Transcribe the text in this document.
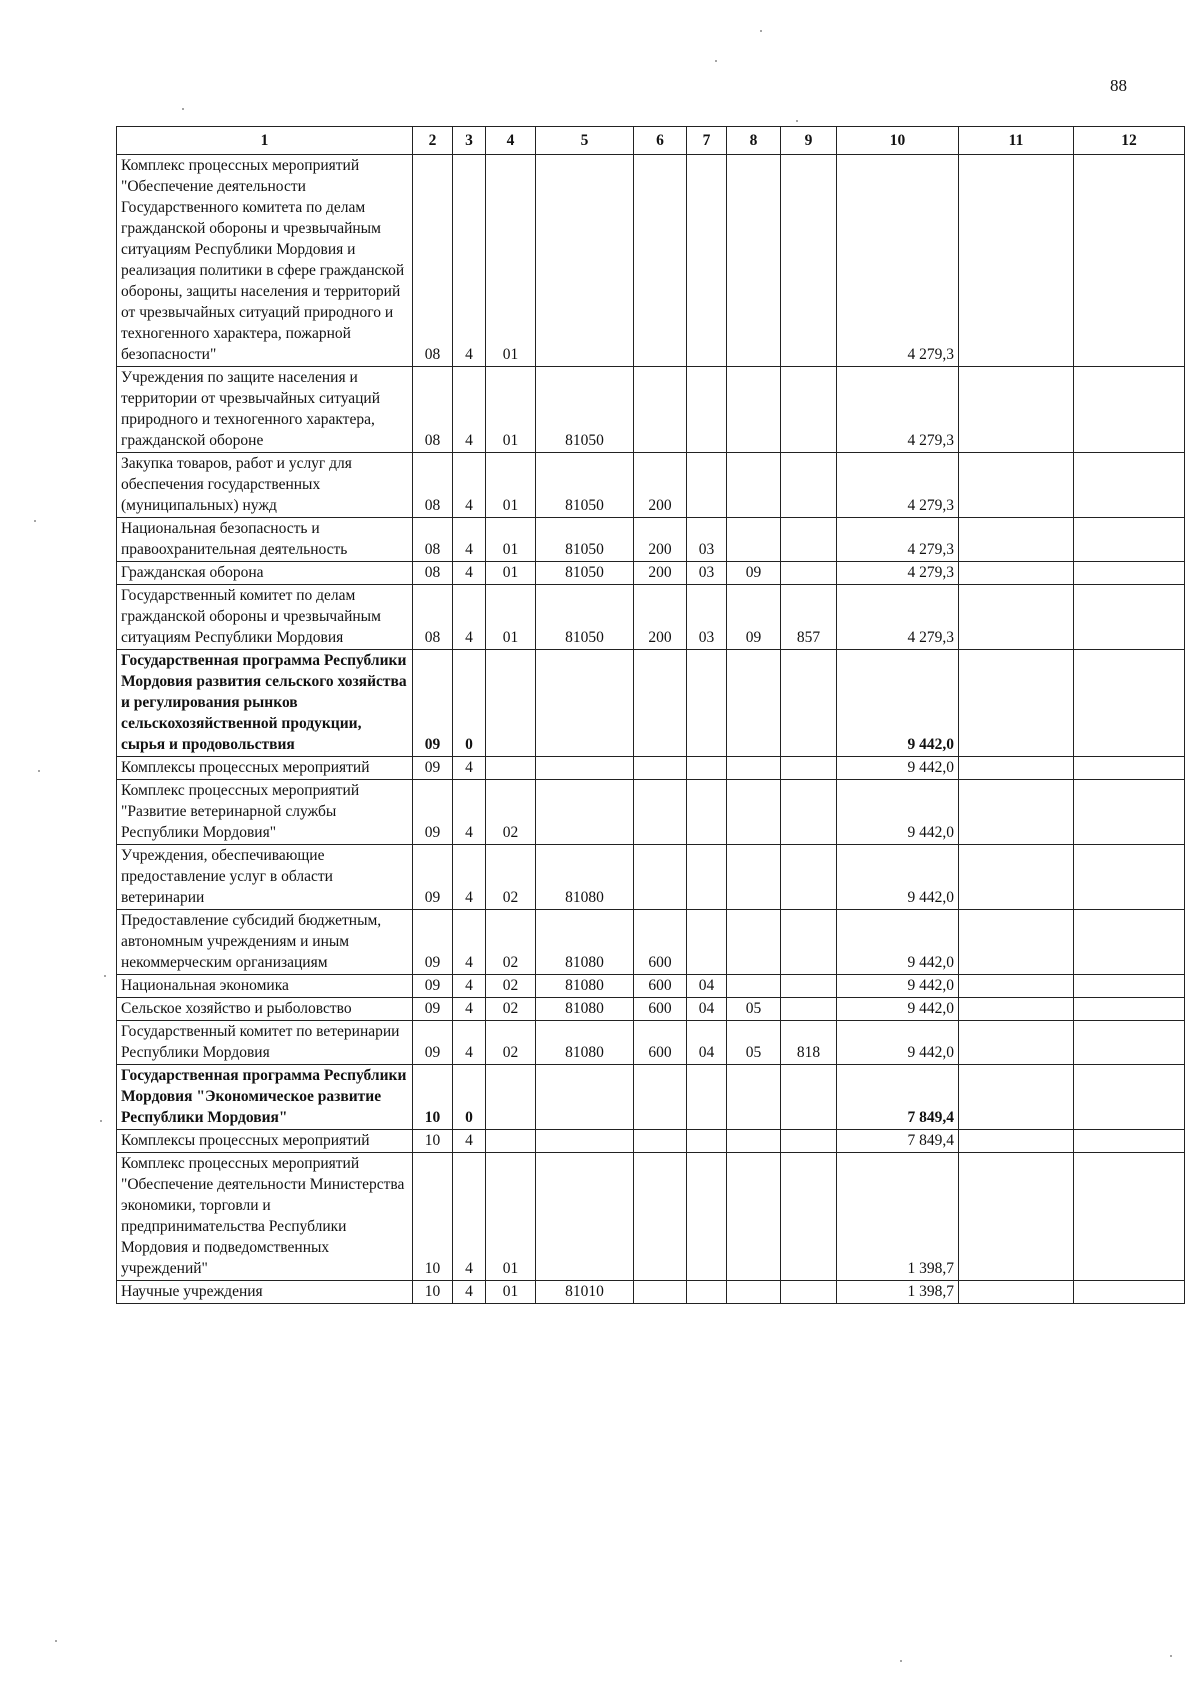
88
1	2	3	4	5	6	7	8	9	10	11	12
Комплекс процессных мероприятий "Обеспечение деятельности Государственного комитета по делам гражданской обороны и чрезвычайным ситуациям Республики Мордовия и реализация политики в сфере гражданской обороны, защиты населения и территорий от чрезвычайных ситуаций природного и техногенного характера, пожарной безопасности"	08	4	01						4 279,3		
Учреждения по защите населения и территории от чрезвычайных ситуаций природного и техногенного характера, гражданской обороне	08	4	01	81050					4 279,3		
Закупка товаров, работ и услуг для обеспечения государственных (муниципальных) нужд	08	4	01	81050	200				4 279,3		
Национальная безопасность и правоохранительная деятельность	08	4	01	81050	200	03			4 279,3		
Гражданская оборона	08	4	01	81050	200	03	09		4 279,3		
Государственный комитет по делам гражданской обороны и чрезвычайным ситуациям Республики Мордовия	08	4	01	81050	200	03	09	857	4 279,3		
Государственная программа Республики Мордовия развития сельского хозяйства и регулирования рынков сельскохозяйственной продукции, сырья и продовольствия	09	0							9 442,0		
Комплексы процессных мероприятий	09	4							9 442,0		
Комплекс процессных мероприятий "Развитие ветеринарной службы Республики Мордовия"	09	4	02						9 442,0		
Учреждения, обеспечивающие предоставление услуг в области ветеринарии	09	4	02	81080					9 442,0		
Предоставление субсидий бюджетным, автономным учреждениям и иным некоммерческим организациям	09	4	02	81080	600				9 442,0		
Национальная экономика	09	4	02	81080	600	04			9 442,0		
Сельское хозяйство и рыболовство	09	4	02	81080	600	04	05		9 442,0		
Государственный комитет по ветеринарии Республики Мордовия	09	4	02	81080	600	04	05	818	9 442,0		
Государственная программа Республики Мордовия "Экономическое развитие Республики Мордовия"	10	0							7 849,4		
Комплексы процессных мероприятий	10	4							7 849,4		
Комплекс процессных мероприятий "Обеспечение деятельности Министерства экономики, торговли и предпринимательства Республики Мордовия и подведомственных учреждений"	10	4	01						1 398,7		
Научные учреждения	10	4	01	81010					1 398,7		
